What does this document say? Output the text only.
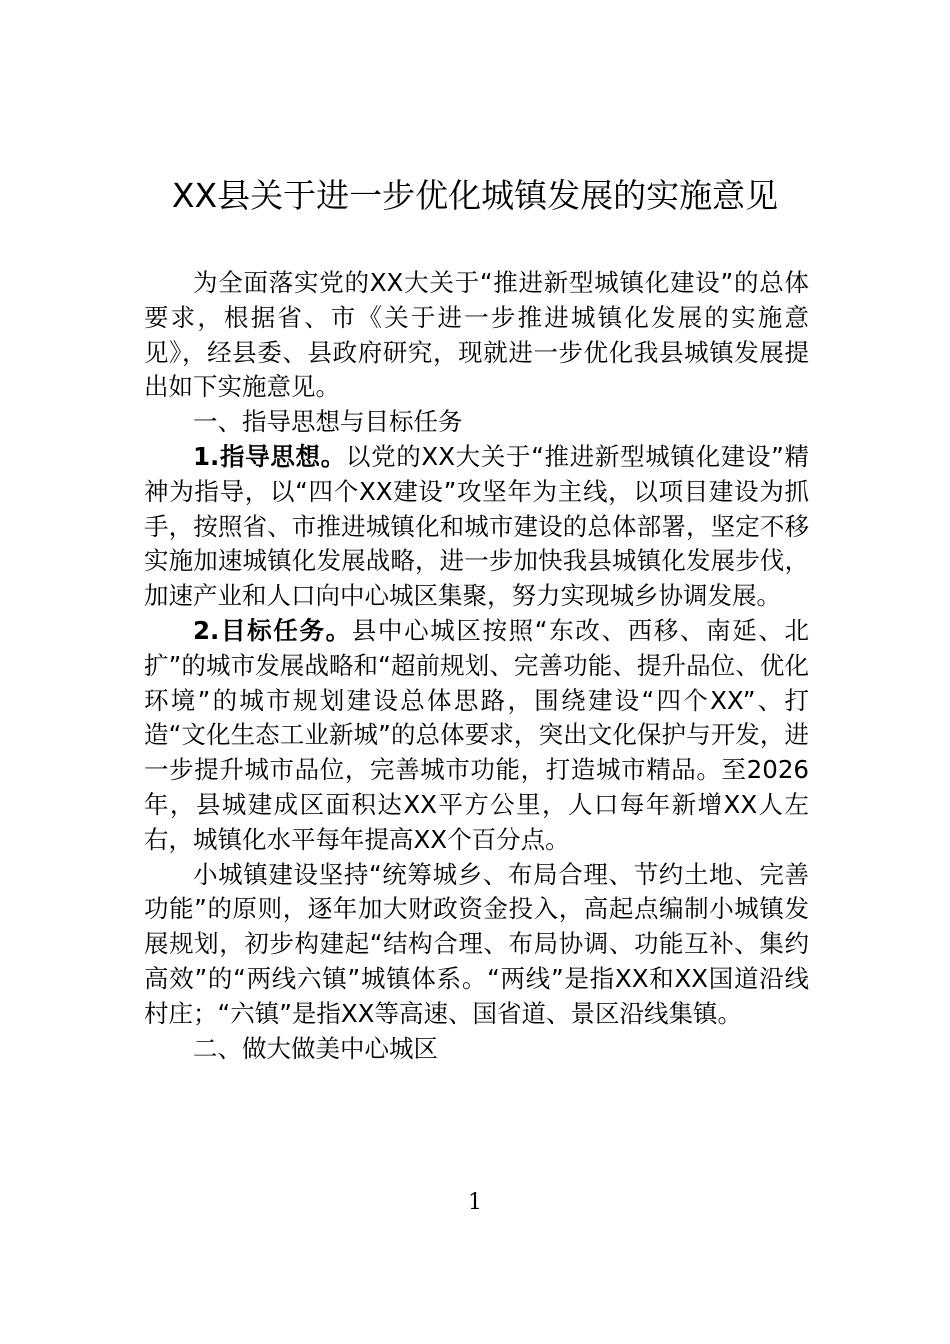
XX县关于进一步优化城镇发展的实施意见

为全面落实党的XX大关于“推进新型城镇化建设”的总体要求，根据省、市《关于进一步推进城镇化发展的实施意见》，经县委、县政府研究，现就进一步优化我县城镇发展提出如下实施意见。

一、指导思想与目标任务

1.指导思想。以党的XX大关于“推进新型城镇化建设”精神为指导，以“四个XX建设”攻坚年为主线，以项目建设为抓手，按照省、市推进城镇化和城市建设的总体部署，坚定不移实施加速城镇化发展战略，进一步加快我县城镇化发展步伐，加速产业和人口向中心城区集聚，努力实现城乡协调发展。

2.目标任务。县中心城区按照“东改、西移、南延、北扩”的城市发展战略和“超前规划、完善功能、提升品位、优化环境”的城市规划建设总体思路，围绕建设“四个XX”、打造“文化生态工业新城”的总体要求，突出文化保护与开发，进一步提升城市品位，完善城市功能，打造城市精品。至2026年，县城建成区面积达XX平方公里，人口每年新增XX人左右，城镇化水平每年提高XX个百分点。

小城镇建设坚持“统筹城乡、布局合理、节约土地、完善功能”的原则，逐年加大财政资金投入，高起点编制小城镇发展规划，初步构建起“结构合理、布局协调、功能互补、集约高效”的“两线六镇”城镇体系。“两线”是指XX和XX国道沿线村庄；“六镇”是指XX等高速、国省道、景区沿线集镇。

二、做大做美中心城区

1
